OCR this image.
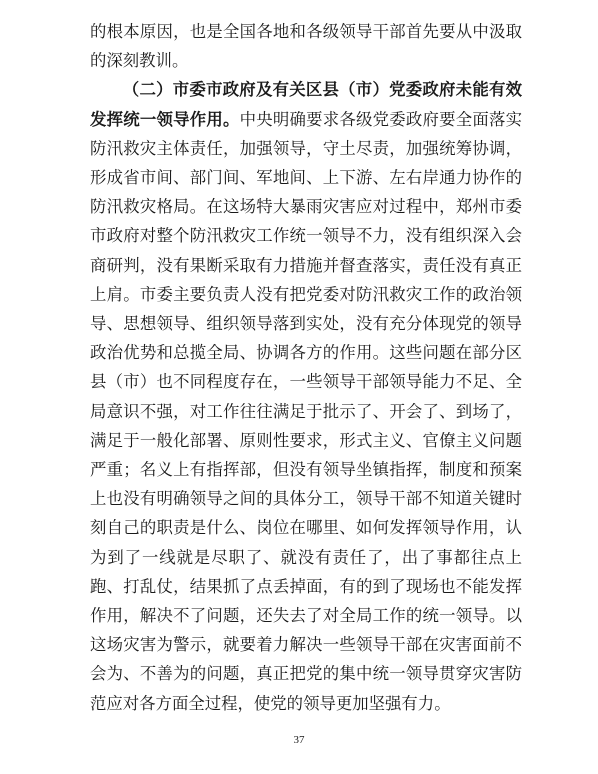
的根本原因，也是全国各地和各级领导干部首先要从中汲取的深刻教训。

（二）市委市政府及有关区县（市）党委政府未能有效发挥统一领导作用。中央明确要求各级党委政府要全面落实防汛救灾主体责任，加强领导，守土尽责，加强统筹协调，形成省市间、部门间、军地间、上下游、左右岸通力协作的防汛救灾格局。在这场特大暴雨灾害应对过程中，郑州市委市政府对整个防汛救灾工作统一领导不力，没有组织深入会商研判，没有果断采取有力措施并督查落实，责任没有真正上肩。市委主要负责人没有把党委对防汛救灾工作的政治领导、思想领导、组织领导落到实处，没有充分体现党的领导政治优势和总揽全局、协调各方的作用。这些问题在部分区县（市）也不同程度存在，一些领导干部领导能力不足、全局意识不强，对工作往往满足于批示了、开会了、到场了，满足于一般化部署、原则性要求，形式主义、官僚主义问题严重；名义上有指挥部，但没有领导坐镇指挥，制度和预案上也没有明确领导之间的具体分工，领导干部不知道关键时刻自己的职责是什么、岗位在哪里、如何发挥领导作用，认为到了一线就是尽职了、就没有责任了，出了事都往点上跑、打乱仗，结果抓了点丢掉面，有的到了现场也不能发挥作用，解决不了问题，还失去了对全局工作的统一领导。以这场灾害为警示，就要着力解决一些领导干部在灾害面前不会为、不善为的问题，真正把党的集中统一领导贯穿灾害防范应对各方面全过程，使党的领导更加坚强有力。

37
